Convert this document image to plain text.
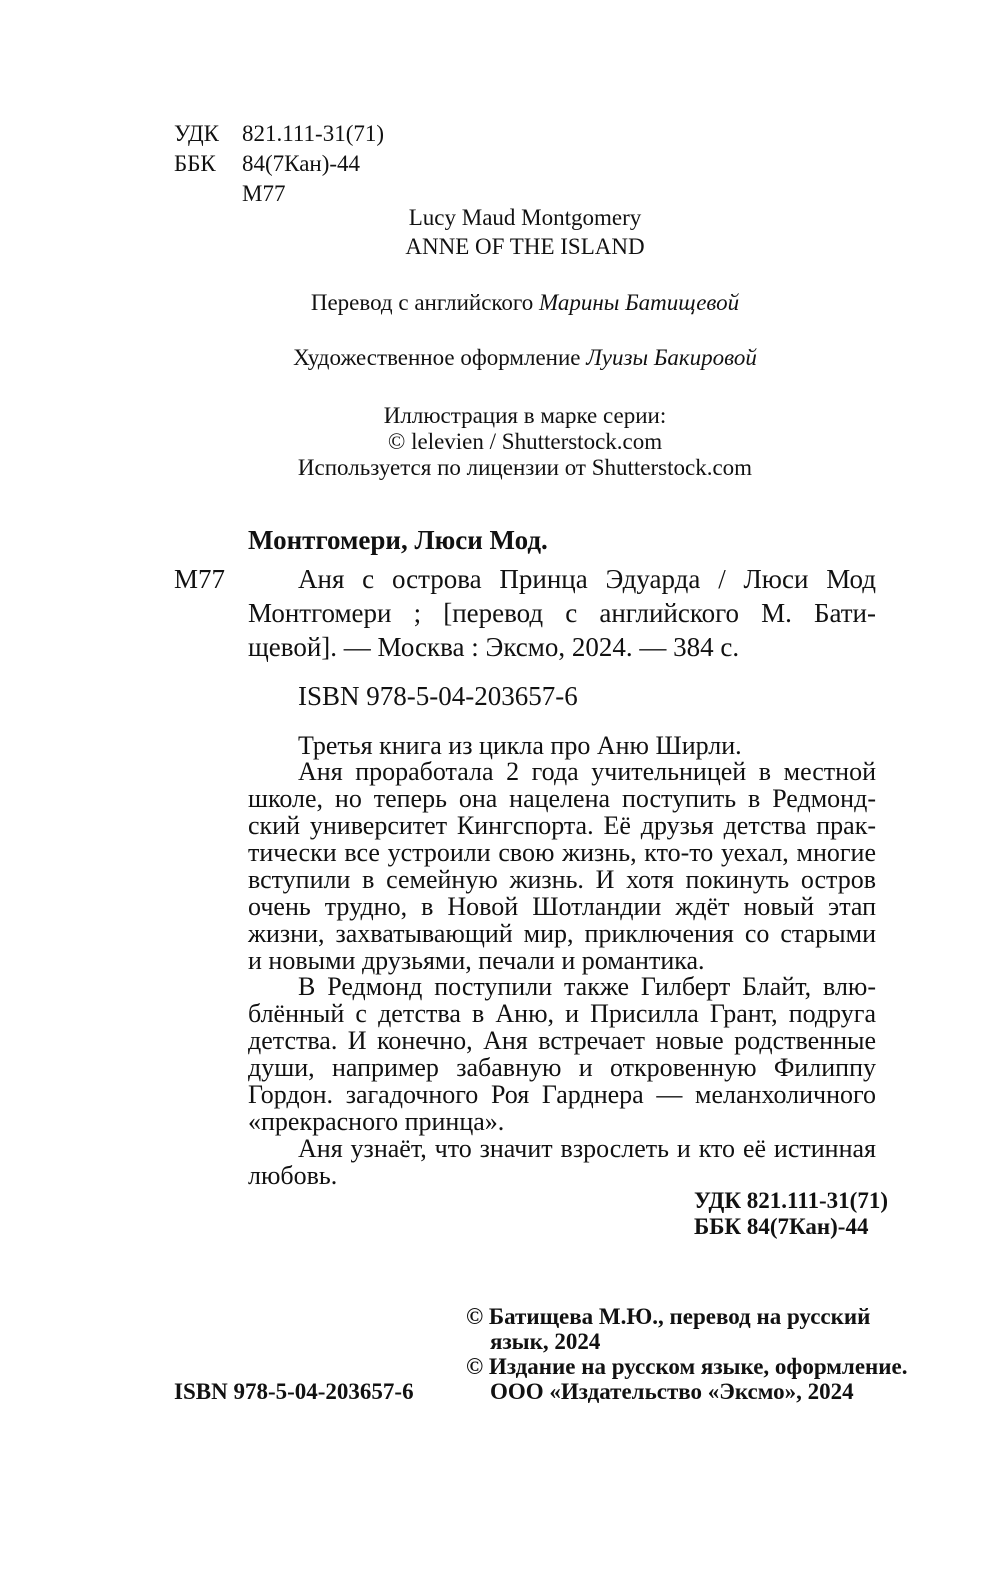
УДК 821.111-31(71)
ББК 84(7Кан)-44
М77
Lucy Maud Montgomery
ANNE OF THE ISLAND
Перевод с английского Марины Батищевой
Художественное оформление Луизы Бакировой
Иллюстрация в марке серии:
© lelevien / Shutterstock.com
Используется по лицензии от Shutterstock.com
Монтгомери, Люси Мод.
М77	Аня с острова Принца Эдуарда / Люси Мод
Монтгомери ; [перевод с английского М. Бати-
щевой]. — Москва : Эксмо, 2024. — 384 с.
ISBN 978-5-04-203657-6
Третья книга из цикла про Аню Ширли.
Аня проработала 2 года учительницей в местной
школе, но теперь она нацелена поступить в Редмонд-
ский университет Кингспорта. Её друзья детства прак-
тически все устроили свою жизнь, кто-то уехал, многие
вступили в семейную жизнь. И хотя покинуть остров
очень трудно, в Новой Шотландии ждёт новый этап
жизни, захватывающий мир, приключения со старыми
и новыми друзьями, печали и романтика.
В Редмонд поступили также Гилберт Блайт, влю-
блённый с детства в Аню, и Присилла Грант, подруга
детства. И конечно, Аня встречает новые родственные
души, например забавную и откровенную Филиппу
Гордон. загадочного Роя Гарднера — меланхоличного
«прекрасного принца».
Аня узнаёт, что значит взрослеть и кто её истинная
любовь.
УДК 821.111-31(71)
ББК 84(7Кан)-44
© Батищева М.Ю., перевод на русский
язык, 2024
© Издание на русском языке, оформление.
ООО «Издательство «Эксмо», 2024
ISBN 978-5-04-203657-6
